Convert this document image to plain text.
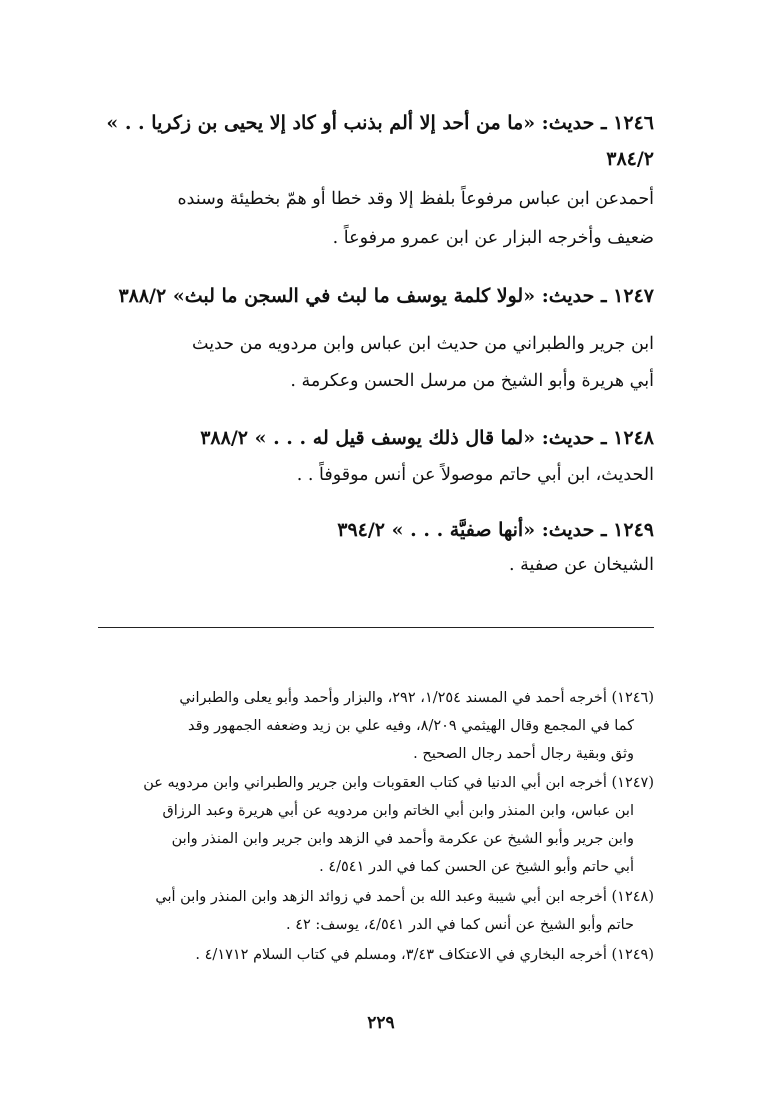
١٢٤٦ ـ حديث: «ما من أحد إلا ألم بذنب أو كاد إلا يحيى بن زكريا . . »
٣٨٤/٢
أحمدعن ابن عباس مرفوعاً بلفظ إلا وقد خطا أو همّ بخطيئة وسنده
ضعيف وأخرجه البزار عن ابن عمرو مرفوعاً .
١٢٤٧ ـ حديث: «لولا كلمة يوسف ما لبث في السجن ما لبث» ٣٨٨/٢
ابن جرير والطبراني من حديث ابن عباس وابن مردويه من حديث
أبي هريرة وأبو الشيخ من مرسل الحسن وعكرمة .
١٢٤٨ ـ حديث: «لما قال ذلك يوسف قيل له . . . » ٣٨٨/٢
الحديث، ابن أبي حاتم موصولاً عن أنس موقوفاً . .
١٢٤٩ ـ حديث: «أنها صفيَّة . . . » ٣٩٤/٢
الشيخان عن صفية .
(١٢٤٦) أخرجه أحمد في المسند ١/٢٥٤، ٢٩٢، والبزار وأحمد وأبو يعلى والطبراني
كما في المجمع وقال الهيثمي ٨/٢٠٩، وفيه علي بن زيد وضعفه الجمهور وقد
وثق وبقية رجال أحمد رجال الصحيح .
(١٢٤٧) أخرجه ابن أبي الدنيا في كتاب العقوبات وابن جرير والطبراني وابن مردويه عن
ابن عباس، وابن المنذر وابن أبي الخاتم وابن مردويه عن أبي هريرة وعبد الرزاق
وابن جرير وأبو الشيخ عن عكرمة وأحمد في الزهد وابن جرير وابن المنذر وابن
أبي حاتم وأبو الشيخ عن الحسن كما في الدر ٤/٥٤١ .
(١٢٤٨) أخرجه ابن أبي شيبة وعبد الله بن أحمد في زوائد الزهد وابن المنذر وابن أبي
حاتم وأبو الشيخ عن أنس كما في الدر ٤/٥٤١، يوسف: ٤٢ .
(١٢٤٩) أخرجه البخاري في الاعتكاف ٣/٤٣، ومسلم في كتاب السلام ٤/١٧١٢ .
٢٢٩
